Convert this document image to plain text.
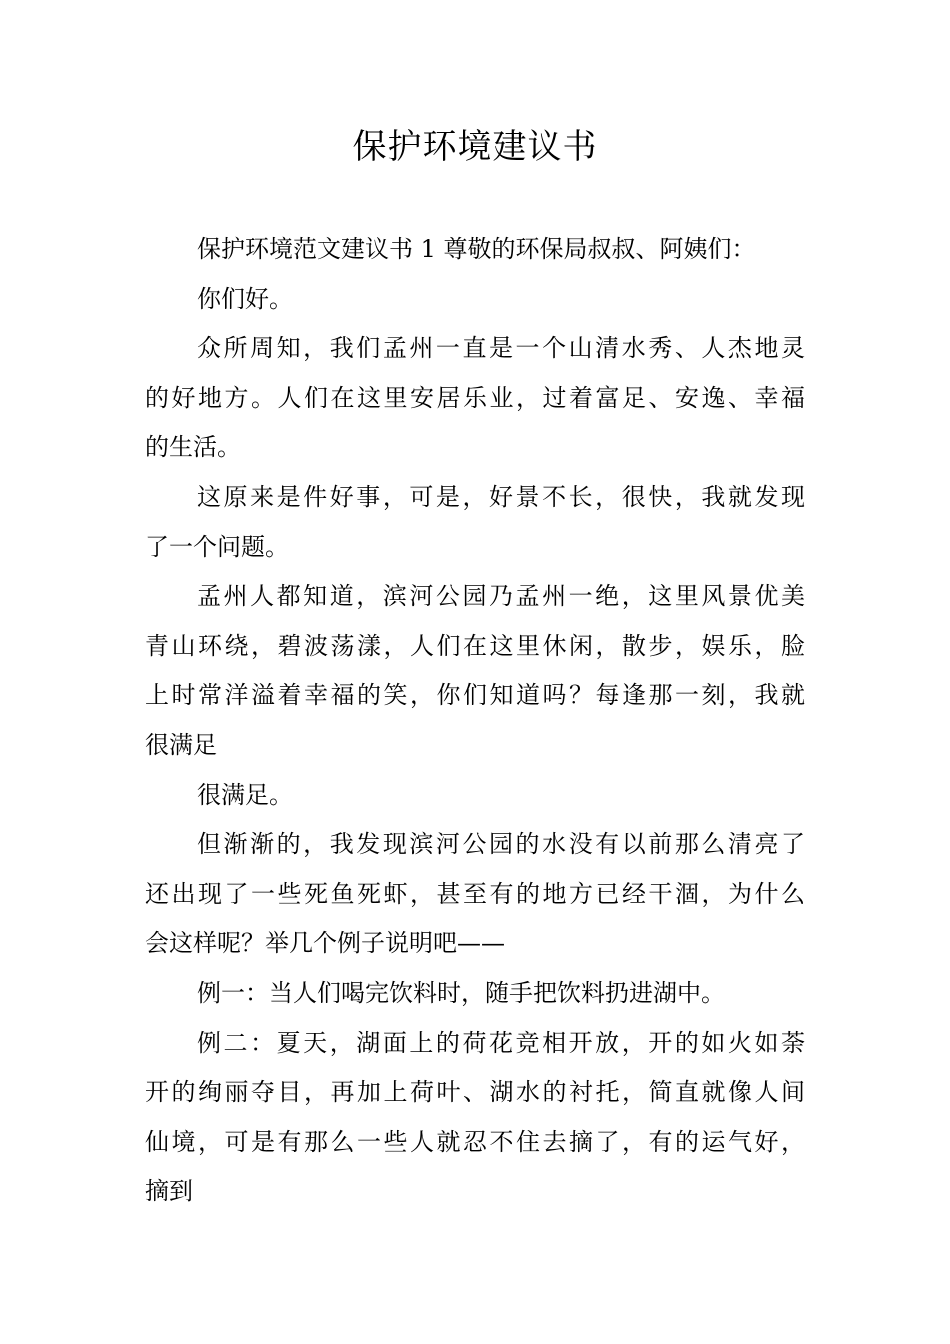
保护环境建议书
保护环境范文建议书 1 尊敬的环保局叔叔、阿姨们：
你们好。
众所周知，我们孟州一直是一个山清水秀、人杰地灵
的好地方。人们在这里安居乐业，过着富足、安逸、幸福
的生活。
这原来是件好事，可是，好景不长，很快，我就发现
了一个问题。
孟州人都知道，滨河公园乃孟州一绝，这里风景优美
青山环绕，碧波荡漾，人们在这里休闲，散步，娱乐，脸
上时常洋溢着幸福的笑，你们知道吗？每逢那一刻，我就
很满足
很满足。
但渐渐的，我发现滨河公园的水没有以前那么清亮了
还出现了一些死鱼死虾，甚至有的地方已经干涸，为什么
会这样呢？举几个例子说明吧——
例一：当人们喝完饮料时，随手把饮料扔进湖中。
例二：夏天，湖面上的荷花竞相开放，开的如火如荼
开的绚丽夺目，再加上荷叶、湖水的衬托，简直就像人间
仙境，可是有那么一些人就忍不住去摘了，有的运气好，
摘到
